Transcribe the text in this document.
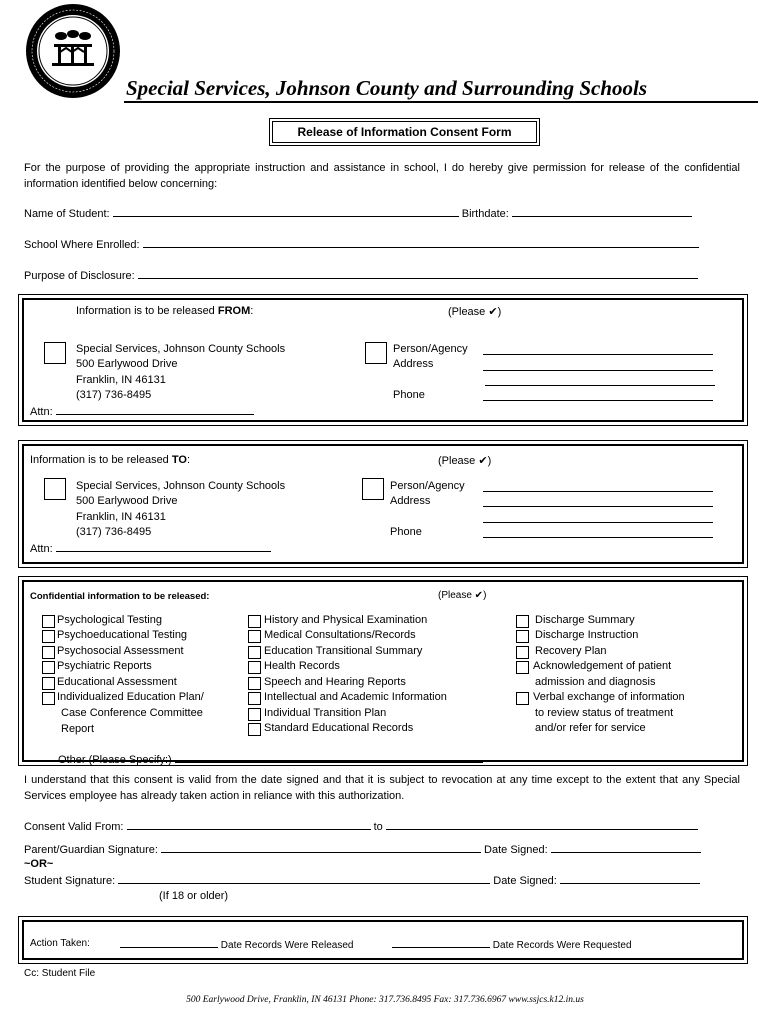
Special Services, Johnson County and Surrounding Schools
Release of Information Consent Form
For the purpose of providing the appropriate instruction and assistance in school, I do hereby give permission for release of the confidential information identified below concerning:
Name of Student:	Birthdate:
School Where Enrolled:
Purpose of Disclosure:
Information is to be released FROM:	(Please ✔)
Special Services, Johnson County Schools
500 Earlywood Drive
Franklin, IN 46131
(317) 736-8495
Person/Agency
Address
Phone
Attn:
Information is to be released TO:	(Please ✔)
Special Services, Johnson County Schools
500 Earlywood Drive
Franklin, IN 46131
(317) 736-8495
Person/Agency
Address
Phone
Attn:
Confidential information to be released:	(Please ✔)
Psychological Testing
Psychoeducational Testing
Psychosocial Assessment
Psychiatric Reports
Educational Assessment
Individualized Education Plan/
Case Conference Committee
Report
History and Physical Examination
Medical Consultations/Records
Education Transitional Summary
Health Records
Speech and Hearing Reports
Intellectual and Academic Information
Individual Transition Plan
Standard Educational Records
Discharge Summary
Discharge Instruction
Recovery Plan
Acknowledgement of patient
admission and diagnosis
Verbal exchange of information
to review status of treatment
and/or refer for service
Other (Please Specify:)
I understand that this consent is valid from the date signed and that it is subject to revocation at any time except to the extent that any Special Services employee has already taken action in reliance with this authorization.
Consent Valid From:	to
Parent/Guardian Signature:	Date Signed:
~OR~
Student Signature:	Date Signed:
(If 18 or older)
Action Taken:	Date Records Were Released	Date Records Were Requested
Cc: Student File
500 Earlywood Drive, Franklin, IN 46131 Phone: 317.736.8495 Fax: 317.736.6967 www.ssjcs.k12.in.us
